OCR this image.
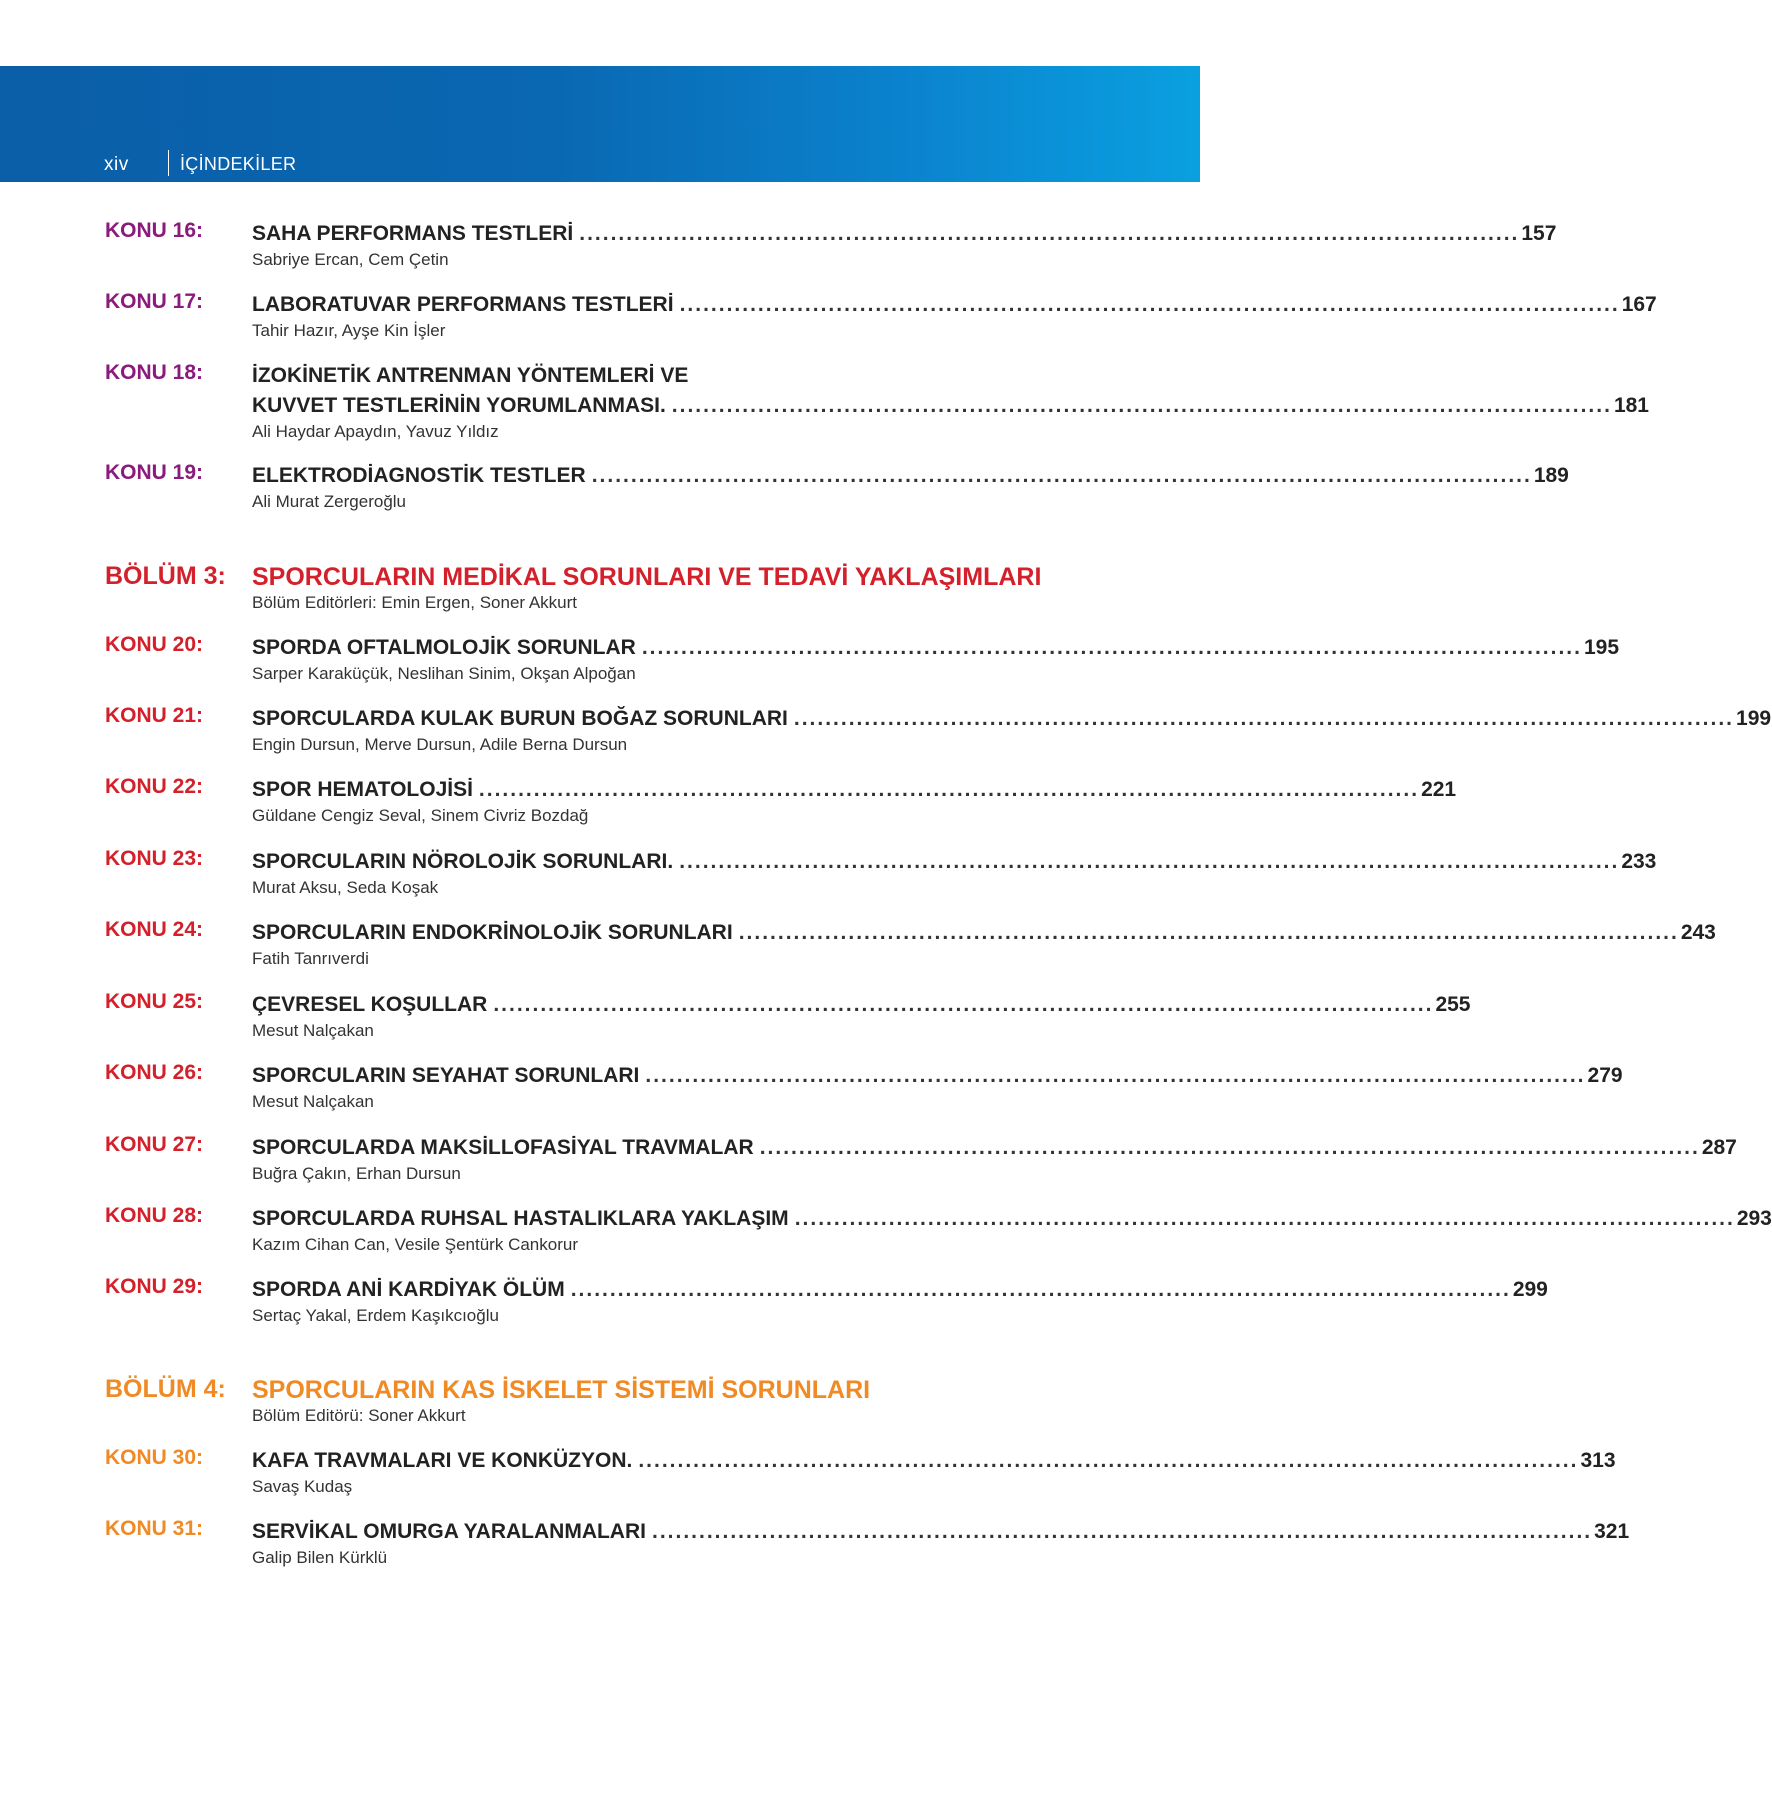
xiv	İÇİNDEKİLER
KONU 16: SAHA PERFORMANS TESTLERİ ........................................................................................................................ 157
Sabriye Ercan, Cem Çetin
KONU 17: LABORATUVAR PERFORMANS TESTLERİ ........................................................................................................................ 167
Tahir Hazır, Ayşe Kin İşler
KONU 18: İZOKİNETİK ANTRENMAN YÖNTEMLERİ VE
KUVVET TESTLERİNİN YORUMLANMASI. ........................................................................................................................ 181
Ali Haydar Apaydın, Yavuz Yıldız
KONU 19: ELEKTRODİAGNOSTİK TESTLER ........................................................................................................................ 189
Ali Murat Zergeroğlu
BÖLÜM 3: SPORCULARIN MEDİKAL SORUNLARI VE TEDAVİ YAKLAŞIMLARI
Bölüm Editörleri: Emin Ergen, Soner Akkurt
KONU 20: SPORDA OFTALMOLOJİK SORUNLAR ........................................................................................................................ 195
Sarper Karaküçük, Neslihan Sinim, Okşan Alpoğan
KONU 21: SPORCULARDA KULAK BURUN BOĞAZ SORUNLARI ........................................................................................................................ 199
Engin Dursun, Merve Dursun, Adile Berna Dursun
KONU 22: SPOR HEMATOLOJİSİ ........................................................................................................................ 221
Güldane Cengiz Seval, Sinem Civriz Bozdağ
KONU 23: SPORCULARIN NÖROLOJİK SORUNLARI. ........................................................................................................................ 233
Murat Aksu, Seda Koşak
KONU 24: SPORCULARIN ENDOKRİNOLOJİK SORUNLARI ........................................................................................................................ 243
Fatih Tanrıverdi
KONU 25: ÇEVRESEL KOŞULLAR ........................................................................................................................ 255
Mesut Nalçakan
KONU 26: SPORCULARIN SEYAHAT SORUNLARI ........................................................................................................................ 279
Mesut Nalçakan
KONU 27: SPORCULARDA MAKSİLLOFASİYAL TRAVMALAR ........................................................................................................................ 287
Buğra Çakın, Erhan Dursun
KONU 28: SPORCULARDA RUHSAL HASTALIKLARA YAKLAŞIM ........................................................................................................................ 293
Kazım Cihan Can, Vesile Şentürk Cankorur
KONU 29: SPORDA ANİ KARDİYAK ÖLÜM ........................................................................................................................ 299
Sertaç Yakal, Erdem Kaşıkcıoğlu
BÖLÜM 4: SPORCULARIN KAS İSKELET SİSTEMİ SORUNLARI
Bölüm Editörü: Soner Akkurt
KONU 30: KAFA TRAVMALARI VE KONKÜZYON. ........................................................................................................................ 313
Savaş Kudaş
KONU 31: SERVİKAL OMURGA YARALANMALARI ........................................................................................................................ 321
Galip Bilen Kürklü
